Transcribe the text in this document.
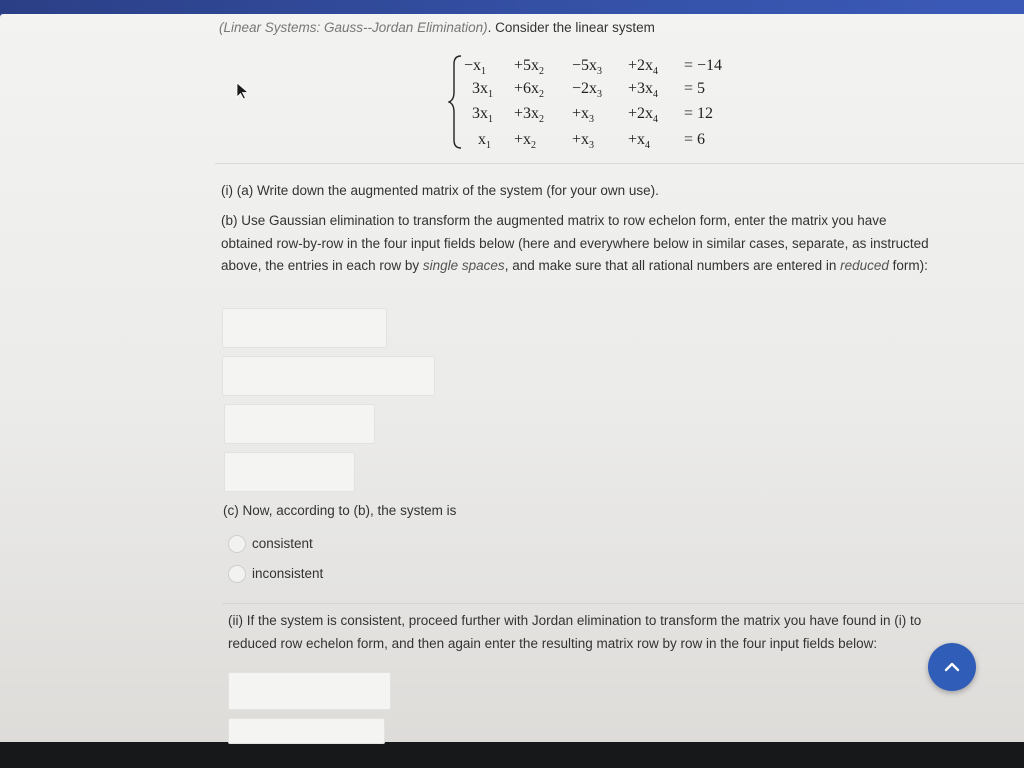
(Linear Systems: Gauss--Jordan Elimination). Consider the linear system
$-x_1 +5x_2 -5x_3 +2x_4 = -14$
$3x_1 +6x_2 -2x_3 +3x_4 = 5$
$3x_1 +3x_2 +x_3 +2x_4 = 12$
$x_1 +x_2 +x_3 +x_4 = 6$
(i) (a) Write down the augmented matrix of the system (for your own use).
(b) Use Gaussian elimination to transform the augmented matrix to row echelon form, enter the matrix you have obtained row-by-row in the four input fields below (here and everywhere below in similar cases, separate, as instructed above, the entries in each row by single spaces, and make sure that all rational numbers are entered in reduced form):
(c) Now, according to (b), the system is
consistent
inconsistent
(ii) If the system is consistent, proceed further with Jordan elimination to transform the matrix you have found in (i) to reduced row echelon form, and then again enter the resulting matrix row by row in the four input fields below:
